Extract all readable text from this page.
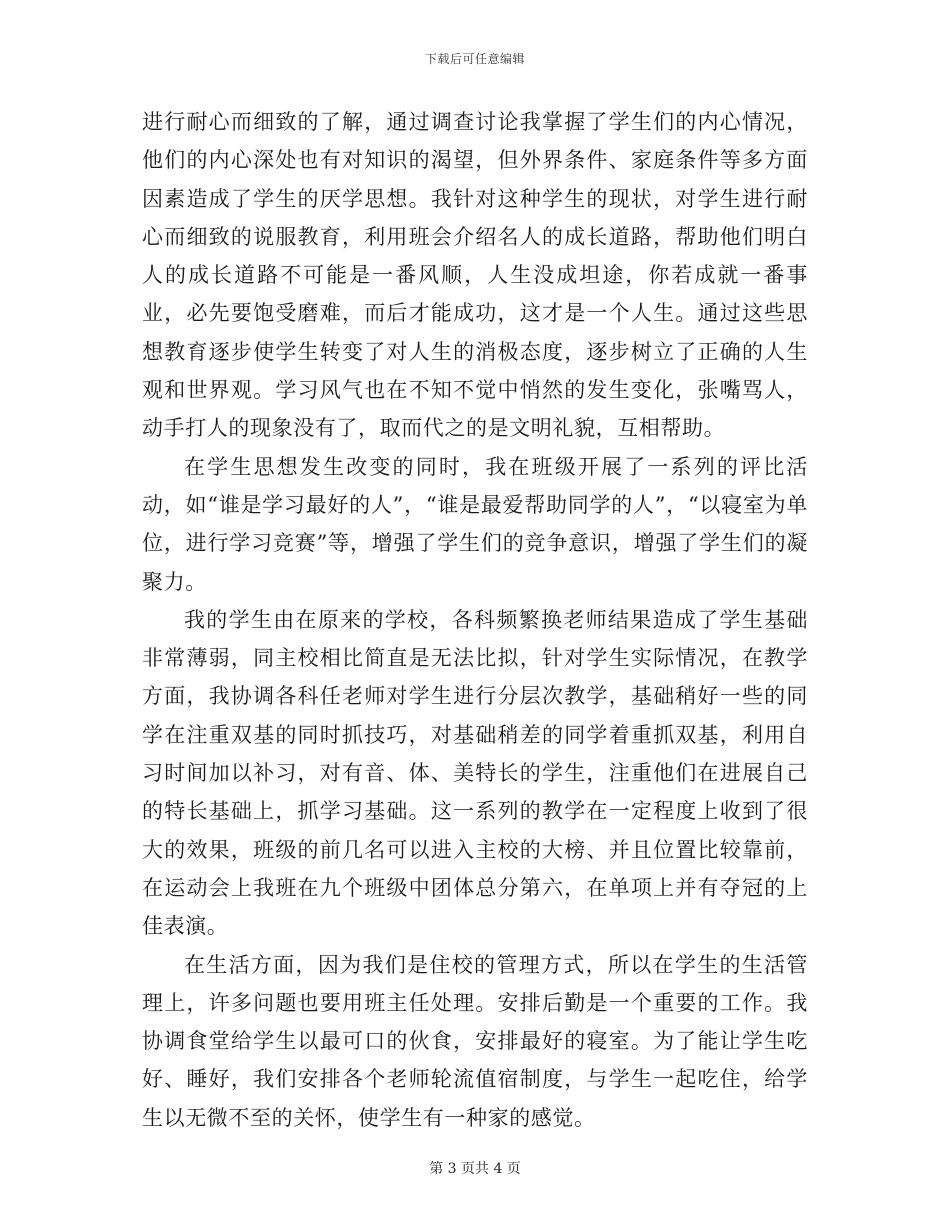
下载后可任意编辑

进行耐心而细致的了解，通过调查讨论我掌握了学生们的内心情况，他们的内心深处也有对知识的渴望，但外界条件、家庭条件等多方面因素造成了学生的厌学思想。我针对这种学生的现状，对学生进行耐心而细致的说服教育，利用班会介绍名人的成长道路，帮助他们明白人的成长道路不可能是一番风顺，人生没成坦途，你若成就一番事业，必先要饱受磨难，而后才能成功，这才是一个人生。通过这些思想教育逐步使学生转变了对人生的消极态度，逐步树立了正确的人生观和世界观。学习风气也在不知不觉中悄然的发生变化，张嘴骂人，动手打人的现象没有了，取而代之的是文明礼貌，互相帮助。

在学生思想发生改变的同时，我在班级开展了一系列的评比活动，如“谁是学习最好的人”，“谁是最爱帮助同学的人”，“以寝室为单位，进行学习竞赛”等，增强了学生们的竞争意识，增强了学生们的凝聚力。

我的学生由在原来的学校，各科频繁换老师结果造成了学生基础非常薄弱，同主校相比简直是无法比拟，针对学生实际情况，在教学方面，我协调各科任老师对学生进行分层次教学，基础稍好一些的同学在注重双基的同时抓技巧，对基础稍差的同学着重抓双基，利用自习时间加以补习，对有音、体、美特长的学生，注重他们在进展自己的特长基础上，抓学习基础。这一系列的教学在一定程度上收到了很大的效果，班级的前几名可以进入主校的大榜、并且位置比较靠前，在运动会上我班在九个班级中团体总分第六，在单项上并有夺冠的上佳表演。

在生活方面，因为我们是住校的管理方式，所以在学生的生活管理上，许多问题也要用班主任处理。安排后勤是一个重要的工作。我协调食堂给学生以最可口的伙食，安排最好的寝室。为了能让学生吃好、睡好，我们安排各个老师轮流值宿制度，与学生一起吃住，给学生以无微不至的关怀，使学生有一种家的感觉。

第 3 页共 4 页
